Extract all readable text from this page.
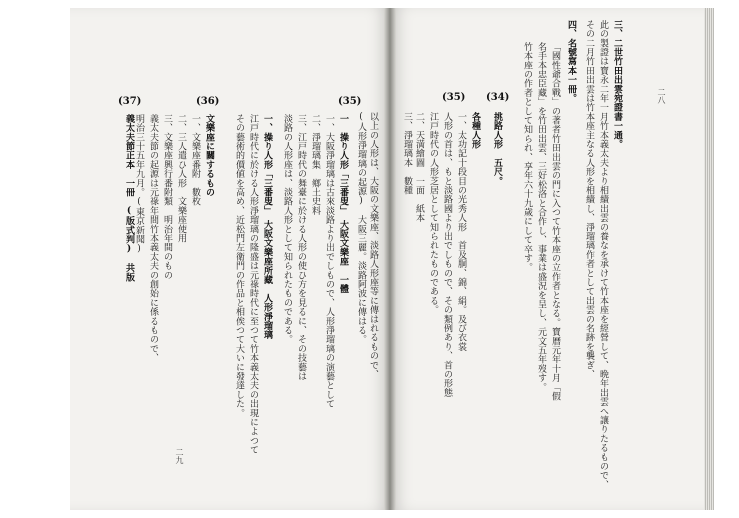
(34)	三、二世竹田出雲宛證書一通。
此の製證は寶永二年一月竹本義太夫より相續出雲の養なを承けて竹本座を經營して、晩年出雲へ讓りたるもので、
その二月竹田出雲は竹本座主なる人形を相續し、淨瑠璃作者として出雲の名跡を襲ぎ、
四、名號寫本一冊。
「國性爺合戰」の著者竹田出雲の門に入つて竹本座の立作者となる。寶曆元年十月「假
名手本忠臣藏」を竹田出雲、三好松洛と合作し、事業は盛況を呈し、元文五年歿す。
竹本座の作者として知られ、享年六十九歲にして卒す。
挑路人形　五尺。
二八
(35)
各種人形
一、太功記十段目の光秀人形　首及胴、錦、絹。及び衣裳
人形の首は、もと淡路國より出でしもので、その類例あり、首の形態
江戸時代の人形芝居として知られたものである。
二、天満繪圖　一面　紙本
三、淨瑠璃本　數種
(35)
以上の人形は、大阪の文樂座、淡路人形座等に傳はれるもので、
(人形淨瑠璃の起源)　大阪三麗。淡路阿波に傳はる。
一　操り人形「三番叟」　大阪文樂座　一體
一、大阪淨瑠璃は古來淡路より出でしもので、人形淨瑠璃の演藝として
二、淨瑠璃集　鄉土史料
三、江戸時代の舞臺に於ける人形の使ひ方を見るに、その技藝は
淡路の人形座は、淡路人形として知られたものである。
一、操り人形「三番叟」　大阪文樂座所藏　人形淨瑠璃
江戸時代に於ける人形淨瑠璃の隆盛は元祿時代に至つて竹本義太夫の出現によつて
その藝術的價値を高め、近松門左衛門の作品と相俟つて大いに發達した。
(36)
文樂座に關するもの
一、文樂座番附　數枚
二、三人遣ひ人形　文樂座使用
三、文樂座興行番附類　明治年間のもの
義太夫節の起源は元祿年間竹本義太夫の創始に係るもので、
明治三十五年九月。(東京新聞)
(37)
義太夫節正本　一冊　(版式判)　共版
二九
